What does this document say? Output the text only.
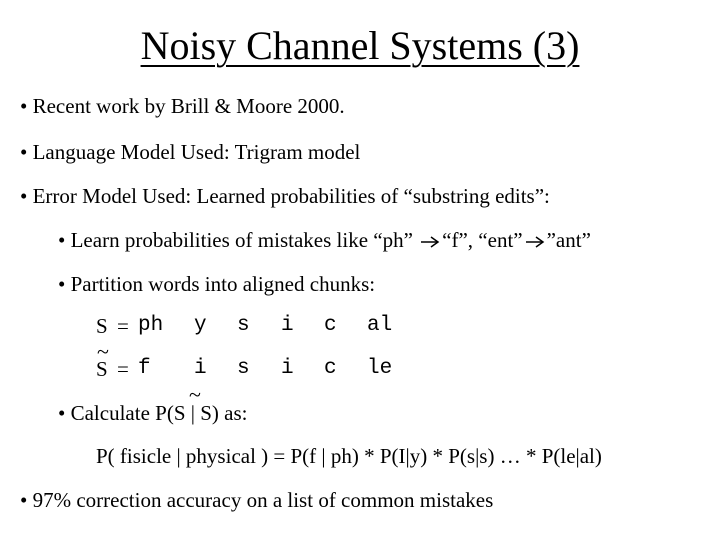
Noisy Channel Systems (3)
• Recent work by Brill & Moore 2000.
• Language Model Used: Trigram model
• Error Model Used: Learned probabilities of “substring edits”:
• Learn probabilities of mistakes like “ph” “f”, “ent” ”ant”
• Partition words into aligned chunks:
S = ph y s i c al
~
S = f i s i c le
~
• Calculate P(S | S) as:
P( fisicle | physical ) = P(f | ph) * P(I|y) * P(s|s) … * P(le|al)
• 97% correction accuracy on a list of common mistakes
